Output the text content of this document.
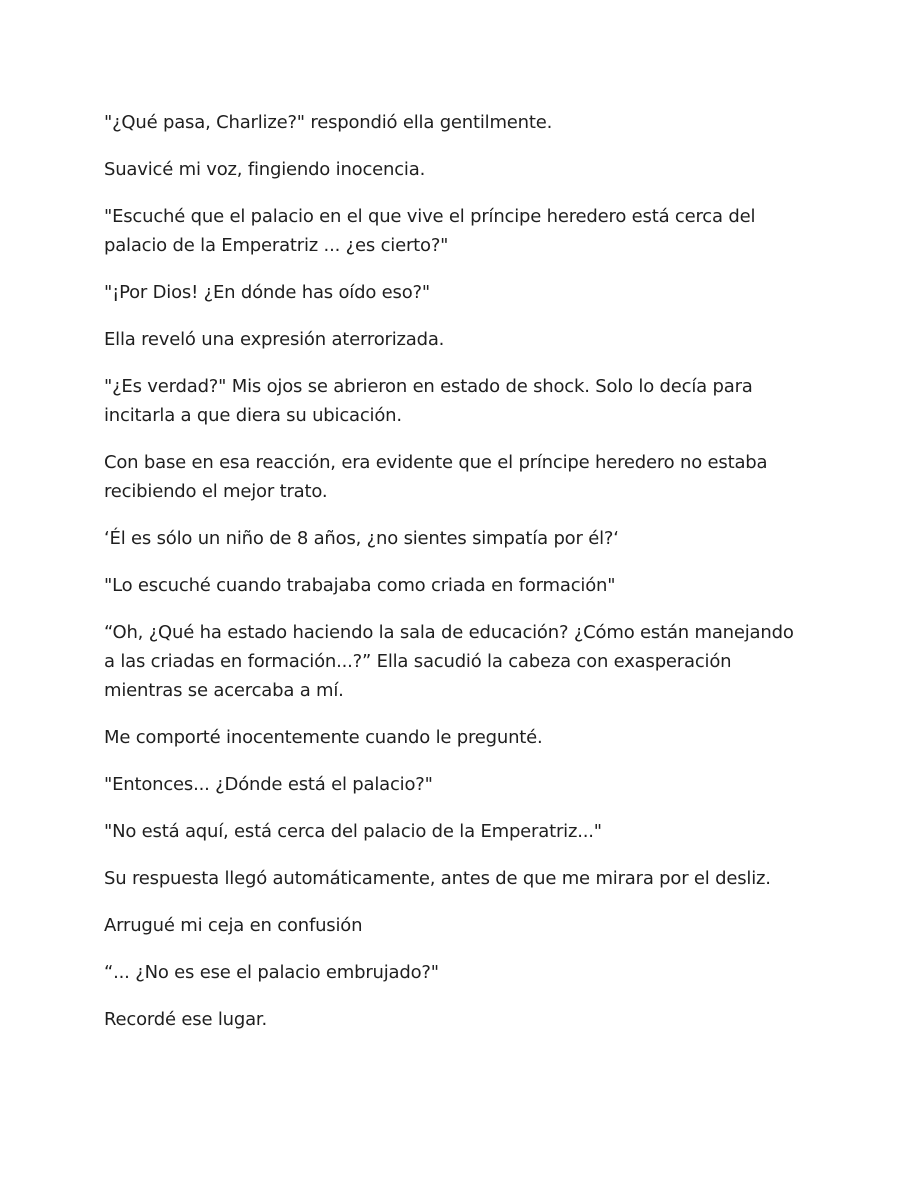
"¿Qué pasa, Charlize?" respondió ella gentilmente.

Suavicé mi voz, fingiendo inocencia.

"Escuché que el palacio en el que vive el príncipe heredero está cerca del palacio de la Emperatriz ... ¿es cierto?"

"¡Por Dios! ¿En dónde has oído eso?"

Ella reveló una expresión aterrorizada.

"¿Es verdad?" Mis ojos se abrieron en estado de shock. Solo lo decía para incitarla a que diera su ubicación.

Con base en esa reacción, era evidente que el príncipe heredero no estaba recibiendo el mejor trato.

‘Él es sólo un niño de 8 años, ¿no sientes simpatía por él?‘

"Lo escuché cuando trabajaba como criada en formación"

“Oh, ¿Qué ha estado haciendo la sala de educación? ¿Cómo están manejando a las criadas en formación...?” Ella sacudió la cabeza con exasperación mientras se acercaba a mí.

Me comporté inocentemente cuando le pregunté.

"Entonces... ¿Dónde está el palacio?"

"No está aquí, está cerca del palacio de la Emperatriz..."

Su respuesta llegó automáticamente, antes de que me mirara por el desliz.

Arrugué mi ceja en confusión

“... ¿No es ese el palacio embrujado?"

Recordé ese lugar.
